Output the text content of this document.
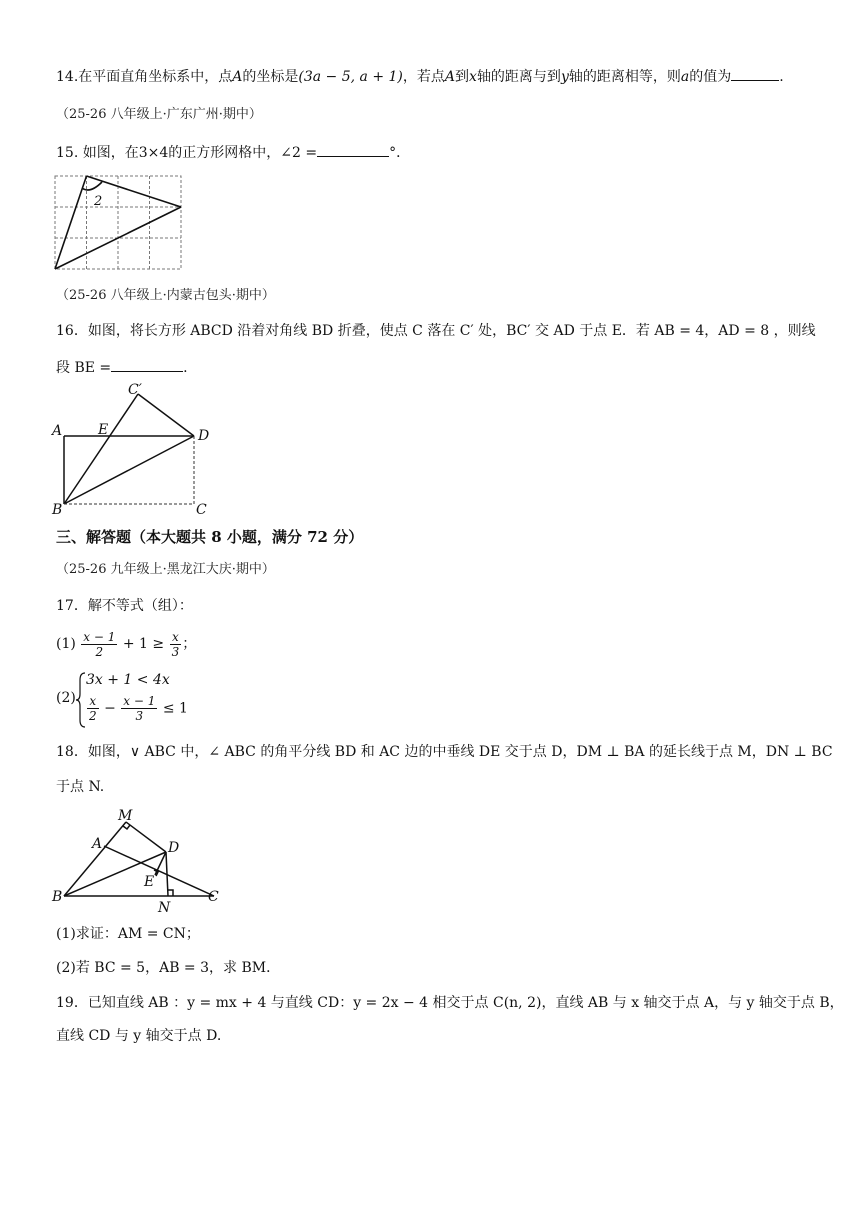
14.在平面直角坐标系中，点A的坐标是(3a − 5, a + 1)，若点A到x轴的距离与到y轴的距离相等，则a的值为	.
（25-26 八年级上·广东广州·期中）
15. 如图，在3×4的正方形网格中，∠2 =	°．
2
（25-26 八年级上·内蒙古包头·期中）
16．如图，将长方形 ABCD 沿着对角线 BD 折叠，使点 C 落在 C′ 处，BC′ 交 AD 于点 E．若 AB = 4，AD = 8 ，则线
段 BE =	.
C′
A	E	D
B	C
三、解答题（本大题共 8 小题，满分 72 分）
（25-26 九年级上·黑龙江大庆·期中）
17．解不等式（组）：
$(1) \frac{x - 1}{2} + 1 \ge \frac{x}{3}$ ；
(2)
3x + 1 < 4x
$\frac{x}{2} - \frac{x - 1}{3} \le 1$
18．如图，∨ ABC 中，∠ ABC 的角平分线 BD 和 AC 边的中垂线 DE 交于点 D，DM ⊥ BA 的延长线于点 M，DN ⊥ BC
于点 N.
M
A	D
E
B
N
C
(1)求证：AM = CN；
(2)若 BC = 5，AB = 3，求 BM．
19．已知直线 AB ：y = mx + 4 与直线 CD：y = 2x − 4 相交于点 C(n, 2)，直线 AB 与 x 轴交于点 A，与 y 轴交于点 B，
直线 CD 与 y 轴交于点 D.
